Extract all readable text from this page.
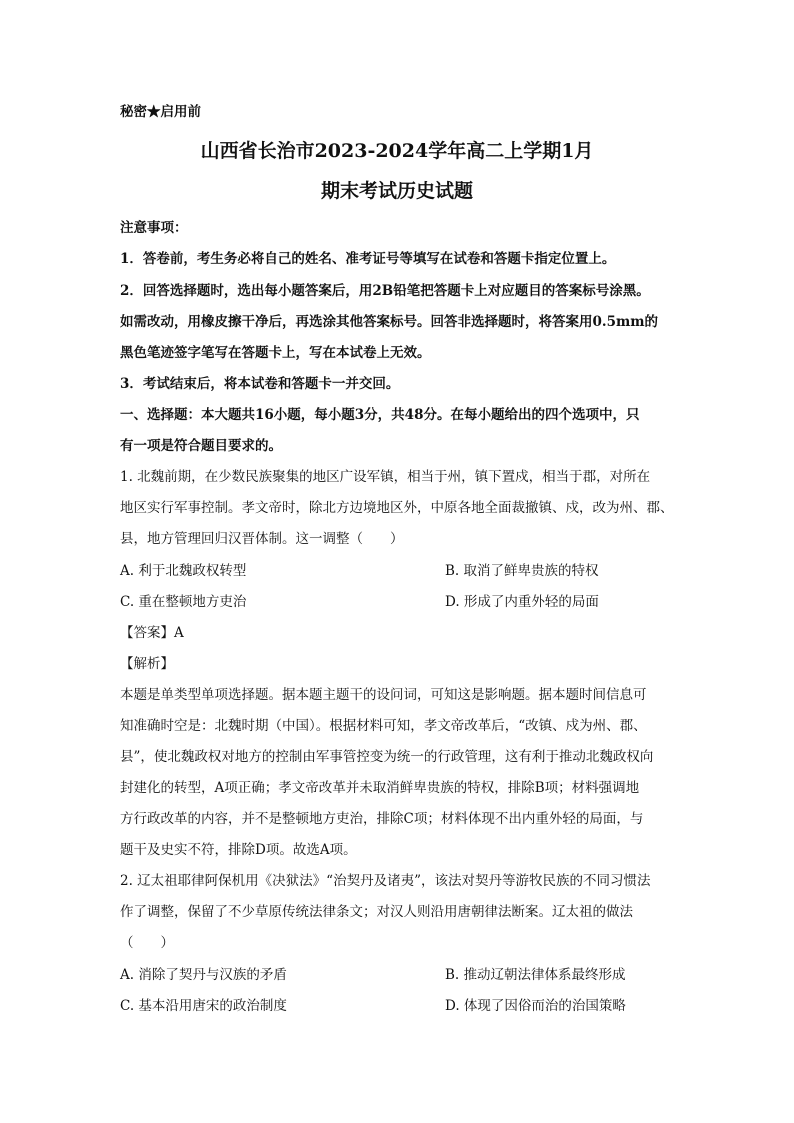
秘密★启用前
山西省长治市2023-2024学年高二上学期1月
期末考试历史试题
注意事项：
1．答卷前，考生务必将自己的姓名、准考证号等填写在试卷和答题卡指定位置上。
2．回答选择题时，选出每小题答案后，用2B铅笔把答题卡上对应题目的答案标号涂黑。
如需改动，用橡皮擦干净后，再选涂其他答案标号。回答非选择题时，将答案用0.5mm的
黑色笔迹签字笔写在答题卡上，写在本试卷上无效。
3．考试结束后，将本试卷和答题卡一并交回。
一、选择题：本大题共16小题，每小题3分，共48分。在每小题给出的四个选项中，只
有一项是符合题目要求的。
1. 北魏前期，在少数民族聚集的地区广设军镇，相当于州，镇下置戍，相当于郡，对所在
地区实行军事控制。孝文帝时，除北方边境地区外，中原各地全面裁撤镇、戍，改为州、郡、
县，地方管理回归汉晋体制。这一调整（　　）
A. 利于北魏政权转型	B. 取消了鲜卑贵族的特权
C. 重在整顿地方吏治	D. 形成了内重外轻的局面
【答案】A
【解析】
本题是单类型单项选择题。据本题主题干的设问词，可知这是影响题。据本题时间信息可
知准确时空是：北魏时期（中国）。根据材料可知，孝文帝改革后，“改镇、戍为州、郡、
县”，使北魏政权对地方的控制由军事管控变为统一的行政管理，这有利于推动北魏政权向
封建化的转型，A项正确；孝文帝改革并未取消鲜卑贵族的特权，排除B项；材料强调地
方行政改革的内容，并不是整顿地方吏治，排除C项；材料体现不出内重外轻的局面，与
题干及史实不符，排除D项。故选A项。
2. 辽太祖耶律阿保机用《决狱法》“治契丹及诸夷”，该法对契丹等游牧民族的不同习惯法
作了调整，保留了不少草原传统法律条文；对汉人则沿用唐朝律法断案。辽太祖的做法
（　　）
A. 消除了契丹与汉族的矛盾	B. 推动辽朝法律体系最终形成
C. 基本沿用唐宋的政治制度	D. 体现了因俗而治的治国策略
